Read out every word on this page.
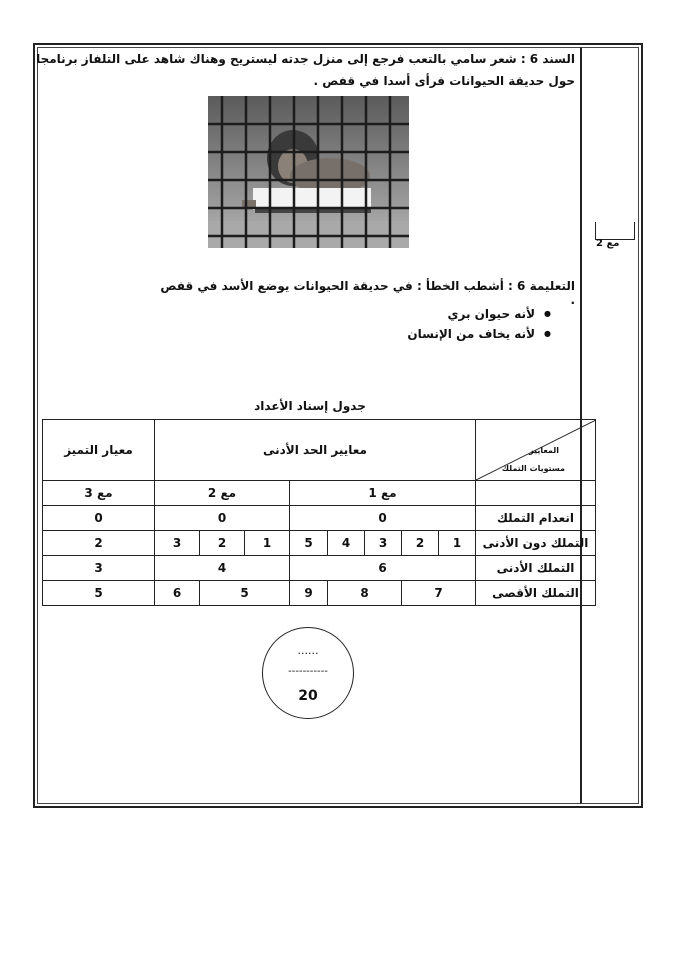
مع 2
السند 6 : شعر سامي بالتعب فرجع إلى منزل جدته ليستريح وهناك شاهد على التلفاز برنامجا حول حديقة الحيوانات فرأى أسدا في قفص .
التعليمة 6 : أشطب الخطأ : في حديقة الحيوانات يوضع الأسد في قفص .
● لأنه حيوان بري
● لأنه يخاف من الإنسان
جدول إسناد الأعداد
المعايير
مستويات التملك	معايير الحد الأدنى								معيار التميز
	مع 1					مع 2			مع 3
انعدام التملك	0					0			0
التملك دون الأدنى	1	2	3	4	5	1	2	3	2
التملك الأدنى	6					4			3
التملك الأقصى	7		8		9	5		6	5
......
-----------
20
